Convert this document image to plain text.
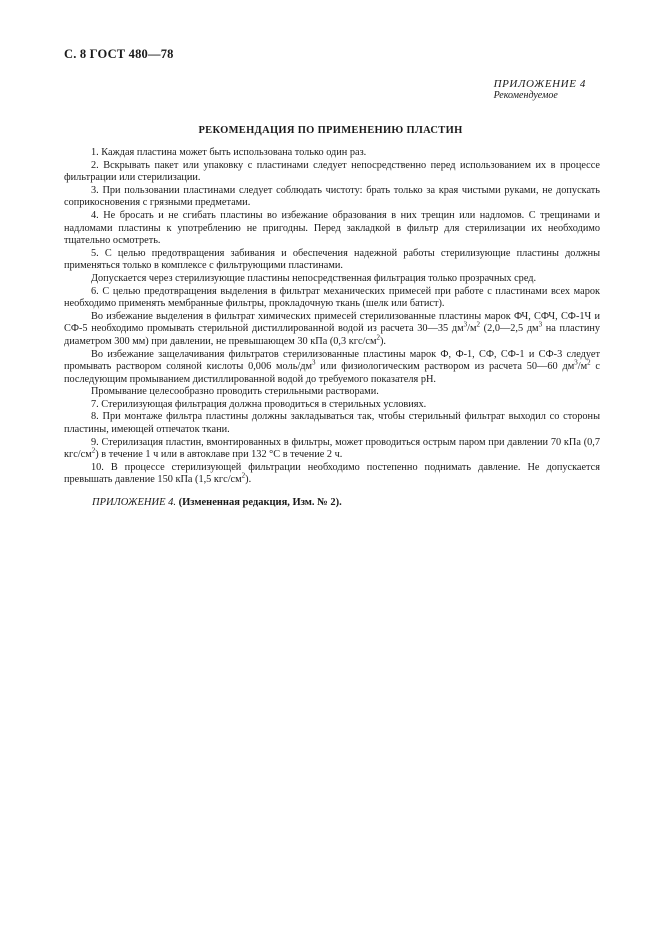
С. 8 ГОСТ 480—78
ПРИЛОЖЕНИЕ 4
Рекомендуемое
РЕКОМЕНДАЦИЯ ПО ПРИМЕНЕНИЮ ПЛАСТИН

1. Каждая пластина может быть использована только один раз.

2. Вскрывать пакет или упаковку с пластинами следует непосредственно перед использованием их в процессе фильтрации или стерилизации.

3. При пользовании пластинами следует соблюдать чистоту: брать только за края чистыми руками, не допускать соприкосновения с грязными предметами.

4. Не бросать и не сгибать пластины во избежание образования в них трещин или надломов. С трещинами и надломами пластины к употреблению не пригодны. Перед закладкой в фильтр для стерилизации их необходимо тщательно осмотреть.

5. С целью предотвращения забивания и обеспечения надежной работы стерилизующие пластины должны применяться только в комплексе с фильтрующими пластинами.

Допускается через стерилизующие пластины непосредственная фильтрация только прозрачных сред.

6. С целью предотвращения выделения в фильтрат механических примесей при работе с пластинами всех марок необходимо применять мембранные фильтры, прокладочную ткань (шелк или батист).

Во избежание выделения в фильтрат химических примесей стерилизованные пластины марок ФЧ, СФЧ, СФ-1Ч и СФ-5 необходимо промывать стерильной дистиллированной водой из расчета 30—35 $дм^3/м^2$ (2,0—2,5 $дм^3$ на пластину диаметром 300 мм) при давлении, не превышающем 30 кПа (0,3 кгс/$см^2$).

Во избежание защелачивания фильтратов стерилизованные пластины марок Ф, Ф-1, СФ, СФ-1 и СФ-3 следует промывать раствором соляной кислоты 0,006 моль/$дм^3$ или физиологическим раствором из расчета 50—60 $дм^3/м^2$ с последующим промыванием дистиллированной водой до требуемого показателя pH.

Промывание целесообразно проводить стерильными растворами.

7. Стерилизующая фильтрация должна проводиться в стерильных условиях.

8. При монтаже фильтра пластины должны закладываться так, чтобы стерильный фильтрат выходил со стороны пластины, имеющей отпечаток ткани.

9. Стерилизация пластин, вмонтированных в фильтры, может проводиться острым паром при давлении 70 кПа (0,7 кгс/$см^2$) в течение 1 ч или в автоклаве при 132 °С в течение 2 ч.

10. В процессе стерилизующей фильтрации необходимо постепенно поднимать давление. Не допускается превышать давление 150 кПа (1,5 кгс/$см^2$).

ПРИЛОЖЕНИЕ 4. (Измененная редакция, Изм. № 2).
